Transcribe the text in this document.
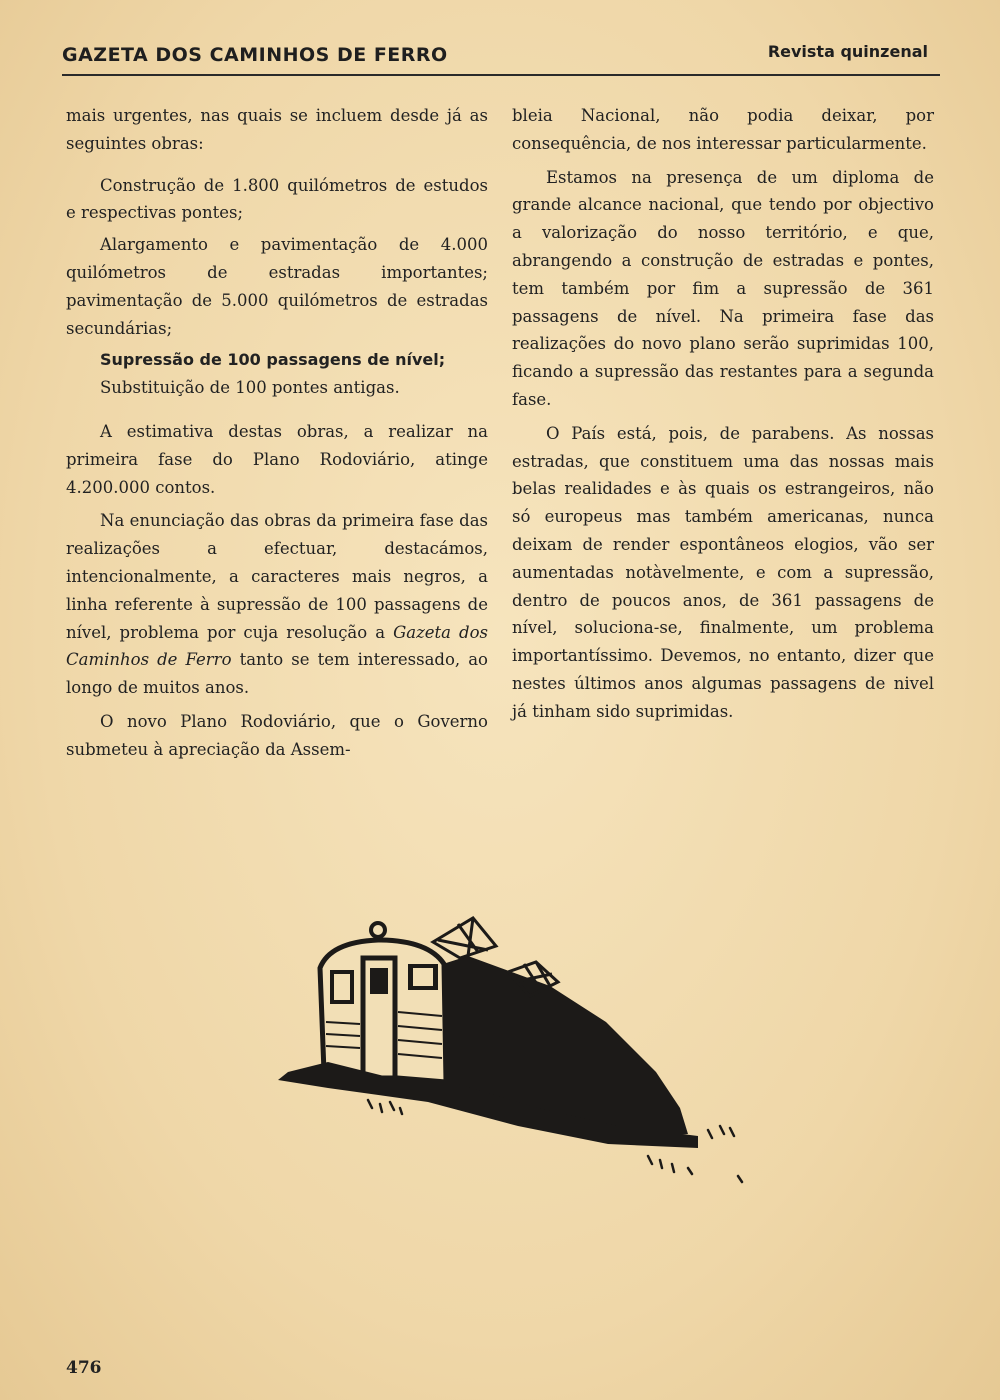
GAZETA DOS CAMINHOS DE FERRO	Revista quinzenal

mais urgentes, nas quais se incluem desde já as seguintes obras:

Construção de 1.800 quilómetros de estudos e respectivas pontes;

Alargamento e pavimentação de 4.000 quilómetros de estradas importantes; pavimentação de 5.000 quilómetros de estradas secundárias;

Supressão de 100 passagens de nível;

Substituição de 100 pontes antigas.

A estimativa destas obras, a realizar na primeira fase do Plano Rodoviário, atinge 4.200.000 contos.

Na enunciação das obras da primeira fase das realizações a efectuar, destacámos, intencionalmente, a caracteres mais negros, a linha referente à supressão de 100 passagens de nível, problema por cuja resolução a Gazeta dos Caminhos de Ferro tanto se tem interessado, ao longo de muitos anos.

O novo Plano Rodoviário, que o Governo submeteu à apreciação da Assem-

bleia Nacional, não podia deixar, por consequência, de nos interessar particularmente.

Estamos na presença de um diploma de grande alcance nacional, que tendo por objectivo a valorização do nosso território, e que, abrangendo a construção de estradas e pontes, tem também por fim a supressão de 361 passagens de nível. Na primeira fase das realizações do novo plano serão suprimidas 100, ficando a supressão das restantes para a segunda fase.

O País está, pois, de parabens. As nossas estradas, que constituem uma das nossas mais belas realidades e às quais os estrangeiros, não só europeus mas também americanas, nunca deixam de render espontâneos elogios, vão ser aumentadas notàvelmente, e com a supressão, dentro de poucos anos, de 361 passagens de nível, soluciona-se, finalmente, um problema importantíssimo. Devemos, no entanto, dizer que nestes últimos anos algumas passagens de nivel já tinham sido suprimidas.

476
